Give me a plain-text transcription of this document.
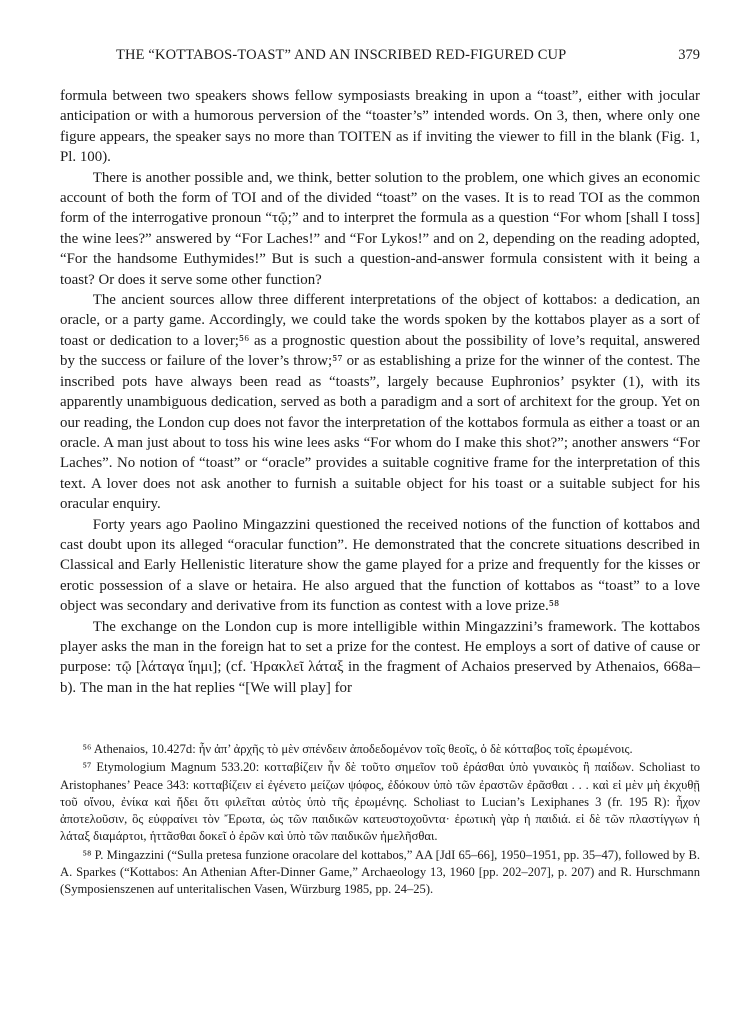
THE “KOTTABOS-TOAST” AND AN INSCRIBED RED-FIGURED CUP	379

formula between two speakers shows fellow symposiasts breaking in upon a “toast”, either with jocular anticipation or with a humorous perversion of the “toaster’s” intended words. On 3, then, where only one figure appears, the speaker says no more than TOITEN as if inviting the viewer to fill in the blank (Fig. 1, Pl. 100).

There is another possible and, we think, better solution to the problem, one which gives an economic account of both the form of TOI and of the divided “toast” on the vases. It is to read TOI as the common form of the interrogative pronoun “τῷ;” and to interpret the formula as a question “For whom [shall I toss] the wine lees?” answered by “For Laches!” and “For Lykos!” and on 2, depending on the reading adopted, “For the handsome Euthymides!” But is such a question-and-answer formula consistent with it being a toast? Or does it serve some other function?

The ancient sources allow three different interpretations of the object of kottabos: a dedication, an oracle, or a party game. Accordingly, we could take the words spoken by the kottabos player as a sort of toast or dedication to a lover;⁵⁶ as a prognostic question about the possibility of love’s requital, answered by the success or failure of the lover’s throw;⁵⁷ or as establishing a prize for the winner of the contest. The inscribed pots have always been read as “toasts”, largely because Euphronios’ psykter (1), with its apparently unambiguous dedication, served as both a paradigm and a sort of architext for the group. Yet on our reading, the London cup does not favor the interpretation of the kottabos formula as either a toast or an oracle. A man just about to toss his wine lees asks “For whom do I make this shot?”; another answers “For Laches”. No notion of “toast” or “oracle” provides a suitable cognitive frame for the interpretation of this text. A lover does not ask another to furnish a suitable object for his toast or a suitable subject for his oracular enquiry.

Forty years ago Paolino Mingazzini questioned the received notions of the function of kottabos and cast doubt upon its alleged “oracular function”. He demonstrated that the concrete situations described in Classical and Early Hellenistic literature show the game played for a prize and frequently for the kisses or erotic possession of a slave or hetaira. He also argued that the function of kottabos as “toast” to a love object was secondary and derivative from its function as contest with a love prize.⁵⁸

The exchange on the London cup is more intelligible within Mingazzini’s framework. The kottabos player asks the man in the foreign hat to set a prize for the contest. He employs a sort of dative of cause or purpose: τῷ [λάταγα ἵημι]; (cf. Ἡρακλεῖ λάταξ in the fragment of Achaios preserved by Athenaios, 668a–b). The man in the hat replies “[We will play] for

⁵⁶ Athenaios, 10.427d: ἦν ἀπ’ ἀρχῆς τὸ μὲν σπένδειν ἀποδεδομένον τοῖς θεοῖς, ὁ δὲ κότταβος τοῖς ἐρωμένοις.

⁵⁷ Etymologium Magnum 533.20: κοτταβίζειν ἦν δὲ τοῦτο σημεῖον τοῦ ἐράσθαι ὑπὸ γυναικὸς ἢ παίδων. Scholiast to Aristophanes’ Peace 343: κοτταβίζειν εἰ ἐγένετο μείζων ψόφος, ἐδόκουν ὑπὸ τῶν ἐραστῶν ἐρᾶσθαι . . . καὶ εἰ μὲν μὴ ἐκχυθῇ τοῦ οἴνου, ἐνίκα καὶ ἤδει ὅτι φιλεῖται αὐτὸς ὑπὸ τῆς ἐρωμένης. Scholiast to Lucian’s Lexiphanes 3 (fr. 195 R): ἦχον ἀποτελοῦσιν, ὃς εὐφραίνει τὸν Ἔρωτα, ὡς τῶν παιδικῶν κατευστοχοῦντα· ἐρωτικὴ γὰρ ἡ παιδιά. εἰ δὲ τῶν πλαστίγγων ἡ λάταξ διαμάρτοι, ἡττᾶσθαι δοκεῖ ὁ ἐρῶν καὶ ὑπὸ τῶν παιδικῶν ἠμελῆσθαι.

⁵⁸ P. Mingazzini (“Sulla pretesa funzione oracolare del kottabos,” AA [JdI 65–66], 1950–1951, pp. 35–47), followed by B. A. Sparkes (“Kottabos: An Athenian After-Dinner Game,” Archaeology 13, 1960 [pp. 202–207], p. 207) and R. Hurschmann (Symposienszenen auf unteritalischen Vasen, Würzburg 1985, pp. 24–25).
